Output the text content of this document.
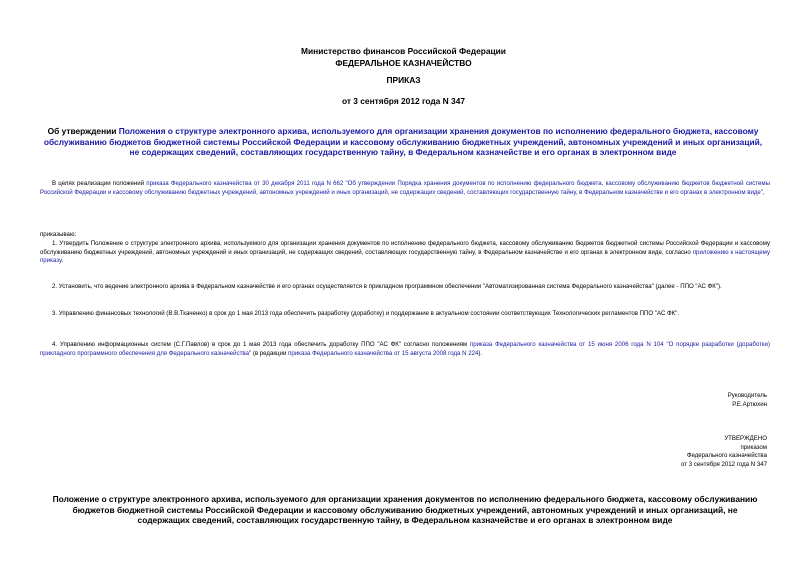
Министерство финансов Российской Федерации
ФЕДЕРАЛЬНОЕ КАЗНАЧЕЙСТВО
ПРИКАЗ
от 3 сентября 2012 года N 347
Об утверждении Положения о структуре электронного архива, используемого для организации хранения документов по исполнению федерального бюджета, кассовому обслуживанию бюджетов бюджетной системы Российской Федерации и кассовому обслуживанию бюджетных учреждений, автономных учреждений и иных организаций, не содержащих сведений, составляющих государственную тайну, в Федеральном казначействе и его органах в электронном виде
В целях реализации положений приказа Федерального казначейства от 30 декабря 2011 года N 662 "Об утверждении Порядка хранения документов по исполнению федерального бюджета, кассовому обслуживанию бюджетов бюджетной системы Российской Федерации и кассовому обслуживанию бюджетных учреждений, автономных учреждений и иных организаций, не содержащих сведений, составляющих государственную тайну, в Федеральном казначействе и его органах в электронном виде",
приказываю:
1. Утвердить Положение о структуре электронного архива, используемого для организации хранения документов по исполнению федерального бюджета, кассовому обслуживанию бюджетов бюджетной системы Российской Федерации и кассовому обслуживанию бюджетных учреждений, автономных учреждений и иных организаций, не содержащих сведений, составляющих государственную тайну, в Федеральном казначействе и его органах в электронном виде, согласно приложению к настоящему приказу.
2. Установить, что ведение электронного архива в Федеральном казначействе и его органах осуществляется в прикладном программном обеспечении "Автоматизированная система Федерального казначейства" (далее - ППО "АС ФК").
3. Управлению финансовых технологий (В.В.Ткаченко) в срок до 1 мая 2013 года обеспечить разработку (доработку) и поддержание в актуальном состоянии соответствующих Технологических регламентов ППО "АС ФК".
4. Управлению информационных систем (С.Г.Павлов) в срок до 1 мая 2013 года обеспечить доработку ППО "АС ФК" согласно положениям приказа Федерального казначейства от 15 июня 2006 года N 104 "О порядке разработки (доработки) прикладного программного обеспечения для Федерального казначейства" (в редакции приказа Федерального казначейства от 15 августа 2008 года N 224).
Руководитель
Р.Е.Артюхин
УТВЕРЖДЕНО
приказом
Федерального казначейства
от 3 сентября 2012 года N 347
Положение о структуре электронного архива, используемого для организации хранения документов по исполнению федерального бюджета, кассовому обслуживанию бюджетов бюджетной системы Российской Федерации и кассовому обслуживанию бюджетных учреждений, автономных учреждений и иных организаций, не содержащих сведений, составляющих государственную тайну, в Федеральном казначействе и его органах в электронном виде
